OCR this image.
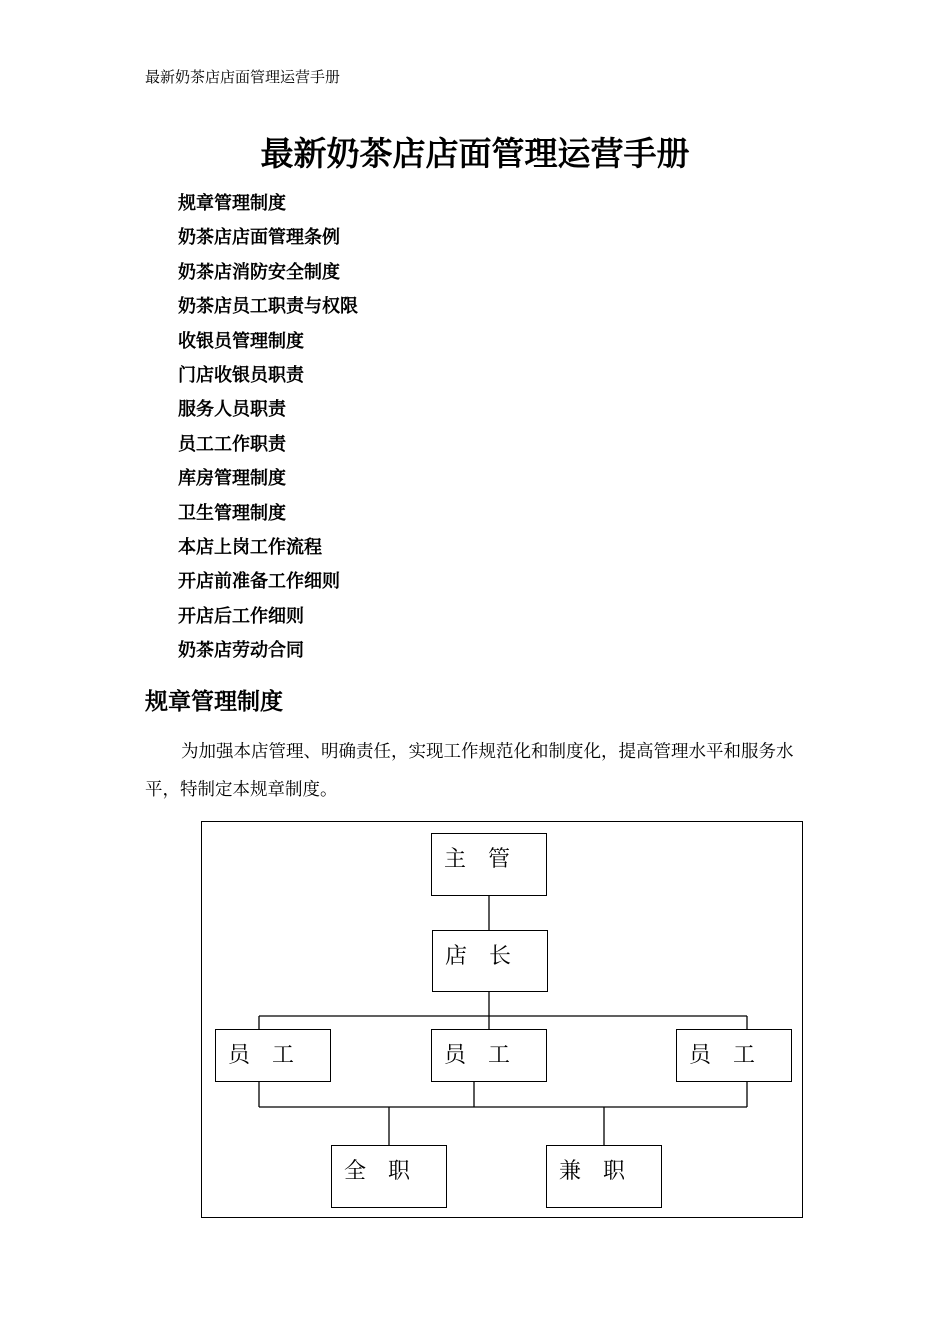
最新奶茶店店面管理运营手册
最新奶茶店店面管理运营手册
规章管理制度
奶茶店店面管理条例
奶茶店消防安全制度
奶茶店员工职责与权限
收银员管理制度
门店收银员职责
服务人员职责
员工工作职责
库房管理制度
卫生管理制度
本店上岗工作流程
开店前准备工作细则
开店后工作细则
奶茶店劳动合同
规章管理制度

为加强本店管理、明确责任，实现工作规范化和制度化，提高管理水平和服务水平，特制定本规章制度。

主　管
店　长
员　工	员　工	员　工
全　职	兼　职
